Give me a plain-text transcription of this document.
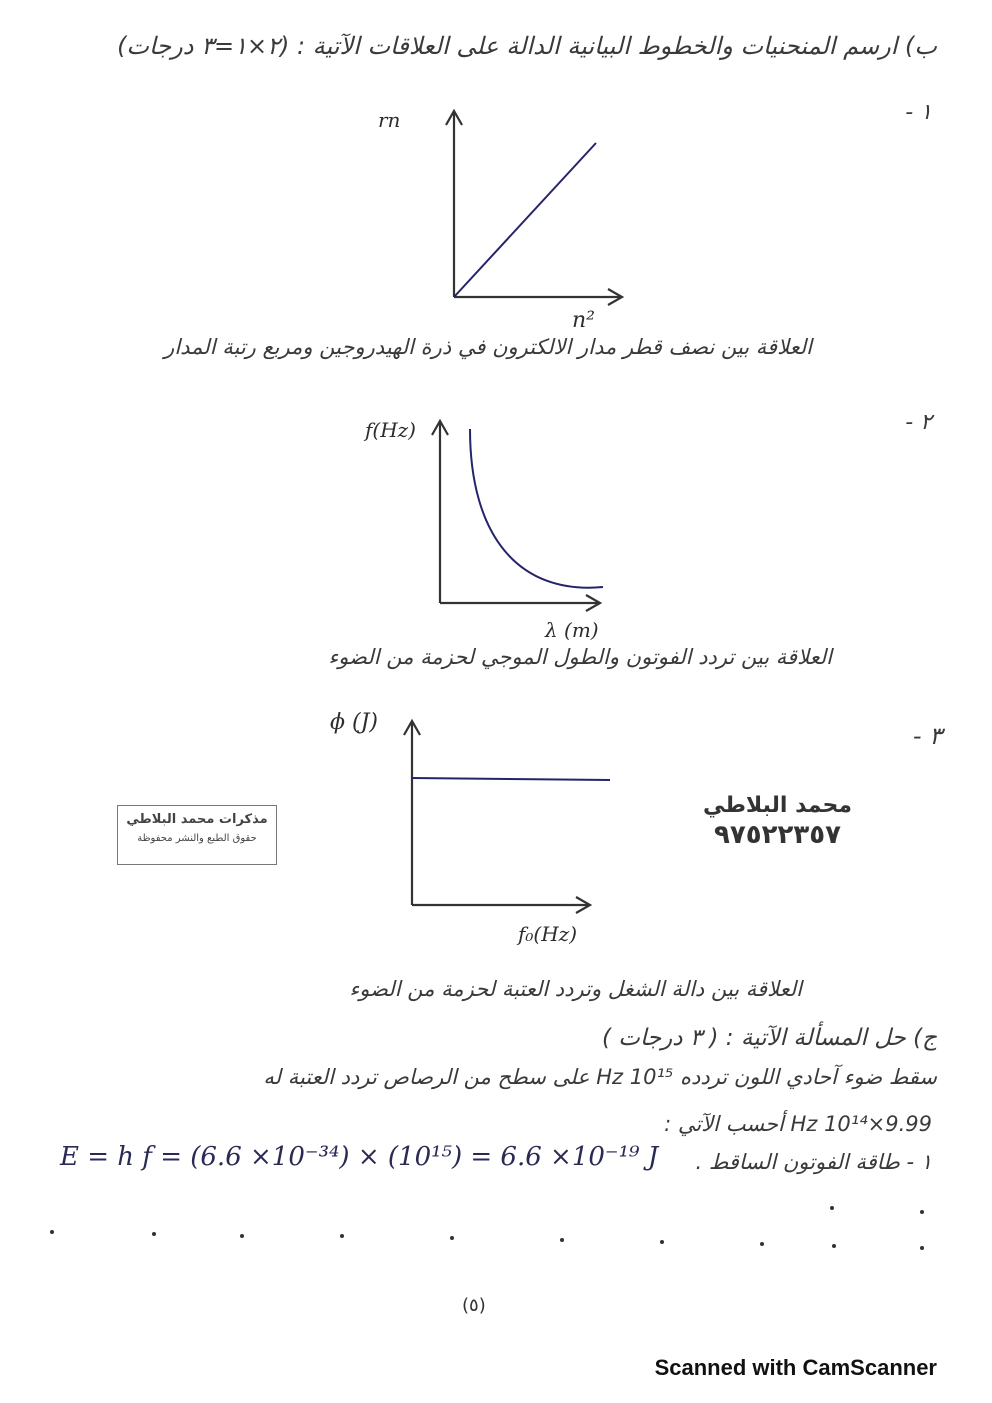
ب) ارسم المنحنيات والخطوط البيانية الدالة على العلاقات الآتية : (٢×١=٣ درجات)
١ -
rn
n²
العلاقة بين نصف قطر مدار الالكترون في ذرة الهيدروجين ومربع رتبة المدار
٢ -
f(Hz)
λ (m)
العلاقة بين تردد الفوتون والطول الموجي لحزمة من الضوء
٣ -
ϕ (J)
f₀(Hz)
مذكرات محمد البلاطي
حقوق الطبع والنشر محفوظة
محمد البلاطي
٩٧٥٢٢٣٥٧
العلاقة بين دالة الشغل وتردد العتبة لحزمة من الضوء
ج) حل المسألة الآتية : ( ٣ درجات )
سقط ضوء آحادي اللون تردده 10¹⁵ Hz على سطح من الرصاص تردد العتبة له
9.99×10¹⁴ Hz أحسب الآتي :
١ - طاقة الفوتون الساقط .
E = h f = (6.6 ×10⁻³⁴) × (10¹⁵) = 6.6 ×10⁻¹⁹ J
(٥)
Scanned with CamScanner
